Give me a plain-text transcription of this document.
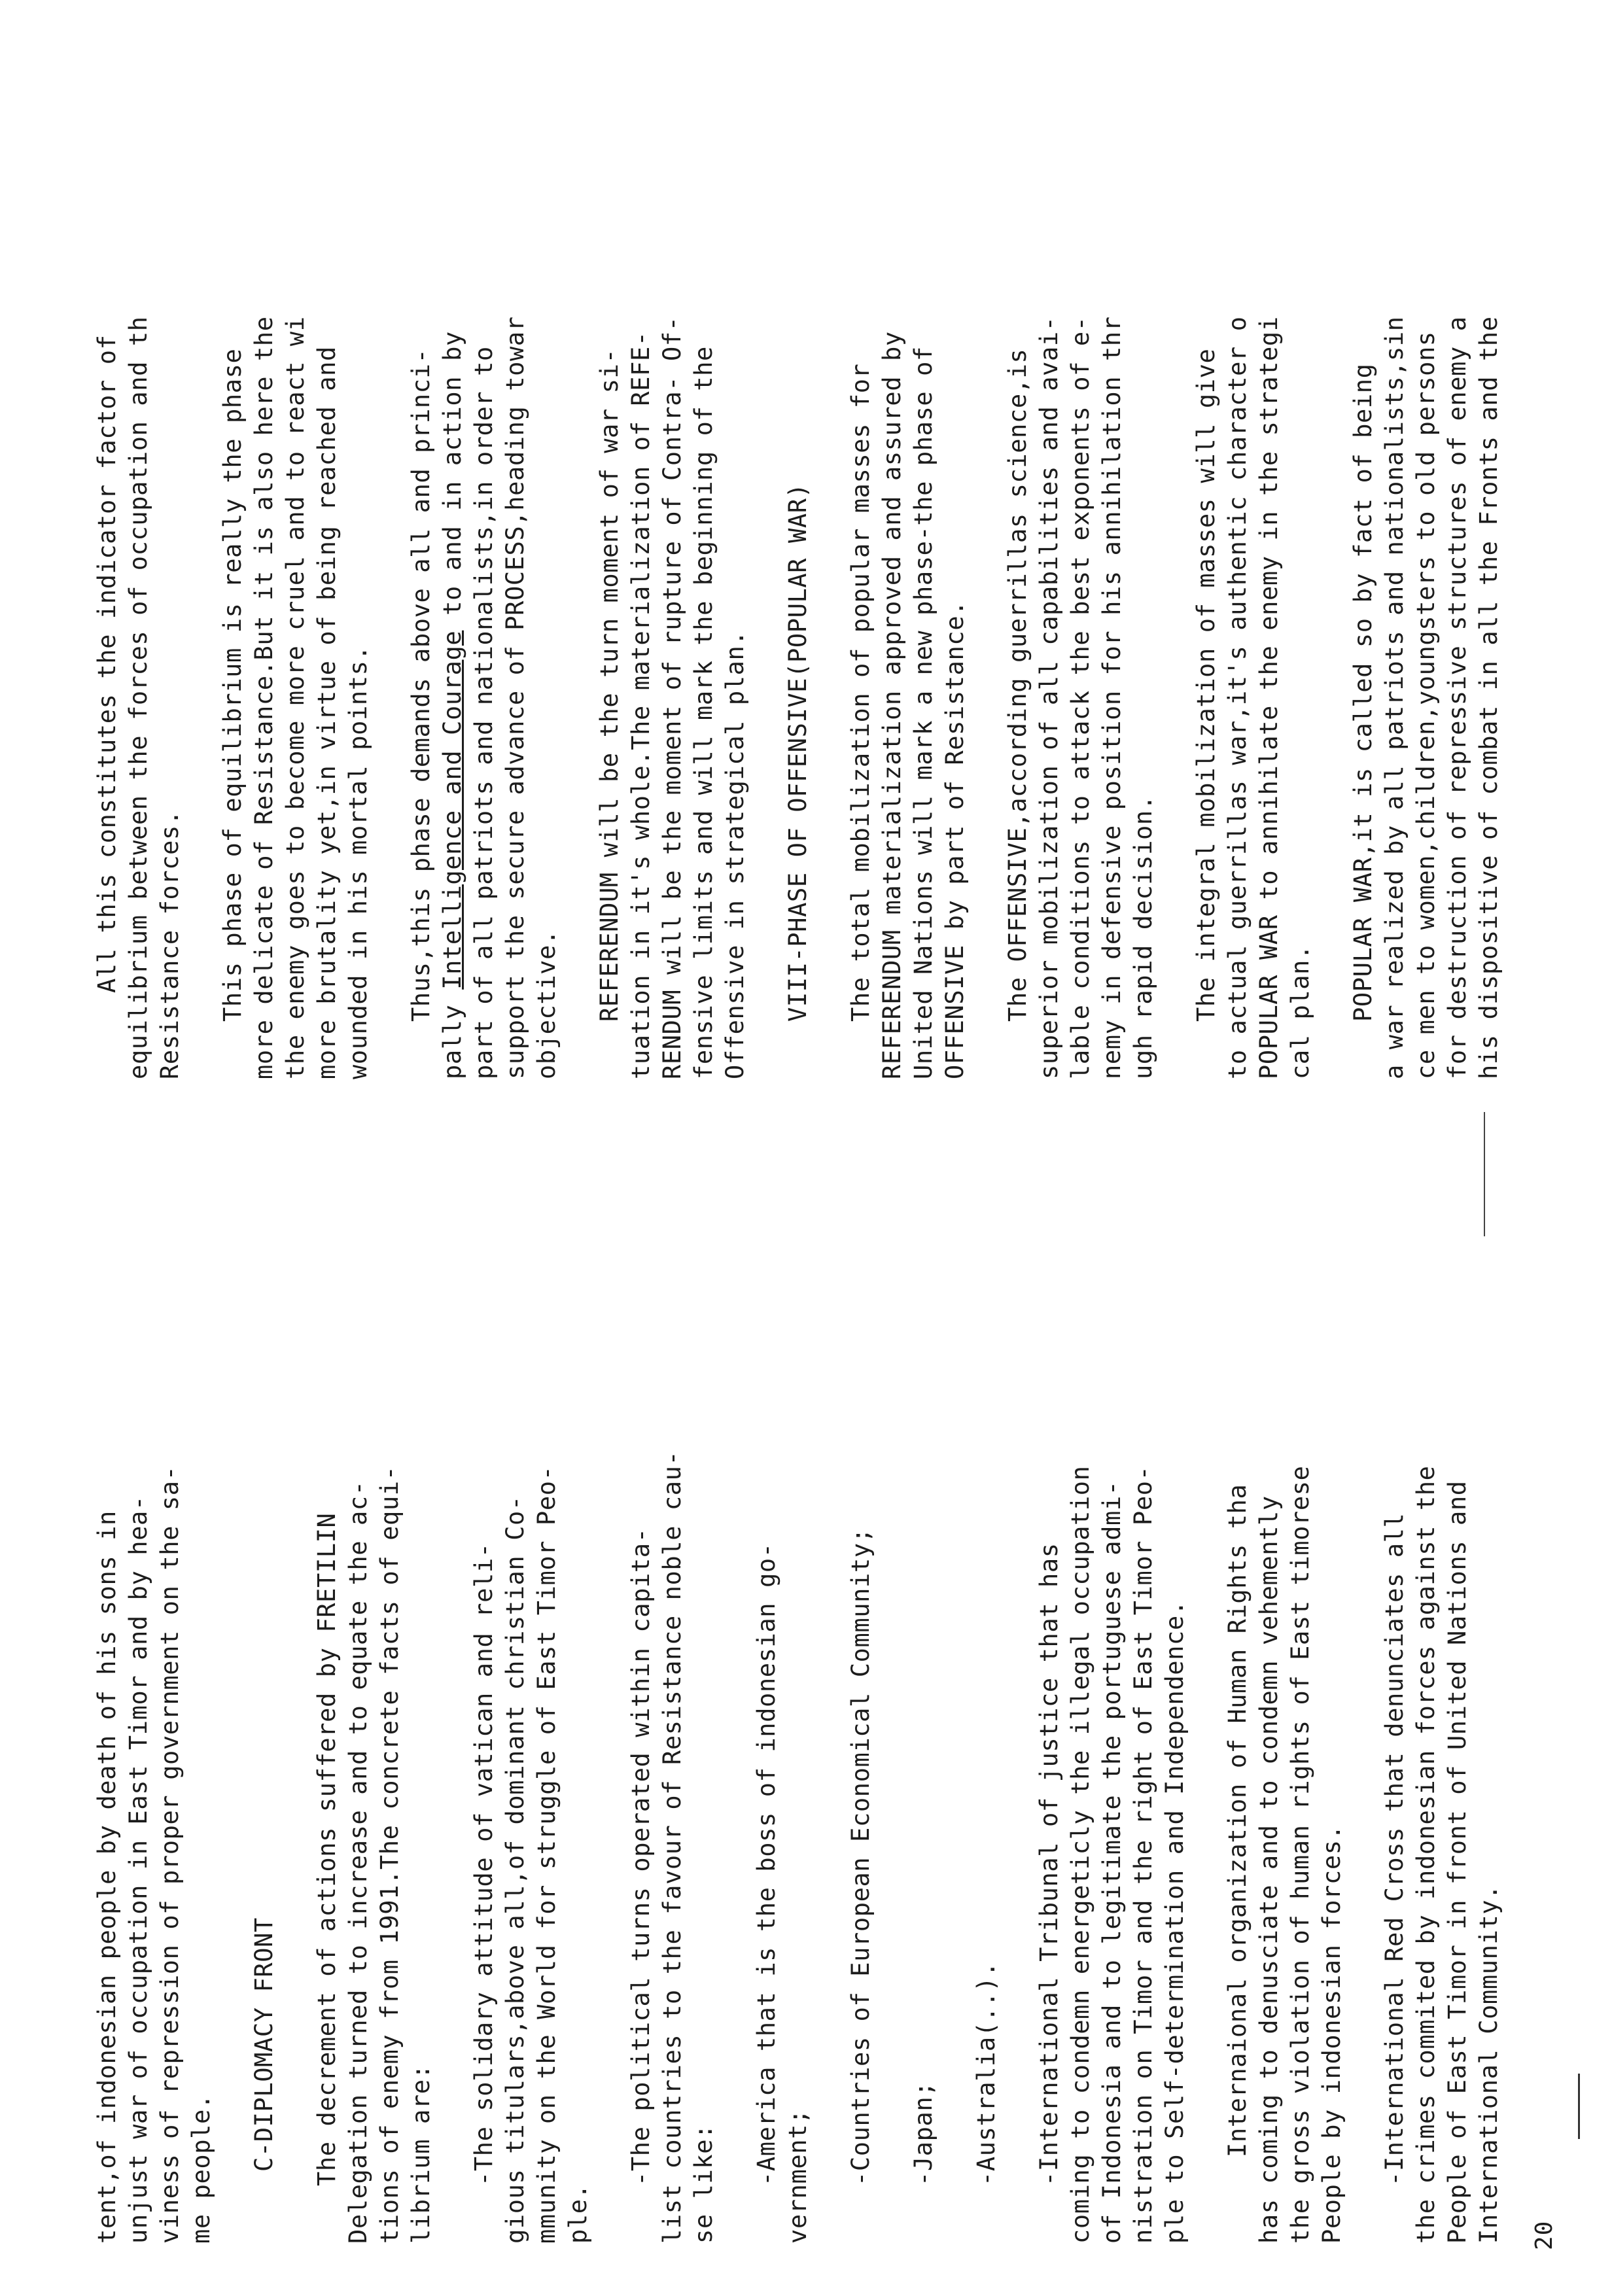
20
tent,of indonesian people by death of his sons in unjust war of occupation in East Timor and by hea- viness of repression of proper government on the sa- me people. C-DIPLOMACY FRONT The decrement of actions suffered by FRETILIN Delegation turned to increase and to equate the ac- tions of enemy from 1991.The concrete facts of equi- librium are: -The solidary attitude of vatican and reli- gious titulars,above all,of dominant christian Co- mmunity on the World for struggle of East Timor Peo- ple.
-The political turns operated within capita- list countries to the favour of Resistance noble cau- se like: -America that is the boss of indonesian go- vernment; -Countries of European Economical Community; -Japan; -Australia(..). -International Tribunal of justice that has coming to condemn energeticly the illegal occupation of Indonesia and to legitimate the portuguese admi- nistration on Timor and the right of East Timor Peo- ple to Self-determination and Independence. Internaional organization of Human Rights tha has coming to denusciate and to condemn vehemently the gross violation of human rights of East timorese People by indonesian forces. -International Red Cross that denunciates all the crimes commited by indonesian forces against the People of East Timor in front of United Nations and International Community.
All this constitutes the indicator factor of equilibrium between the forces of occupation and th Resistance forces. This phase of equilibrium is really the phase more delicate of Resistance.But it is also here the the enemy goes to become more cruel and to react wi more brutality yet,in virtue of being reached and wounded in his mortal points. Thus,this phase demands above all and princi-
pally Intelligence and Courage to and in action by part of all patriots and nationalists,in order to support the secure advance of PROCESS,heading towar objective. REFERENDUM will be the turn moment of war si- tuation in it's whole.The materialization of REFE- RENDUM will be the moment of rupture of Contra- Of- fensive limits and will mark the beginning of the Offensive in strategical plan. VIII-PHASE OF OFFENSIVE(POPULAR WAR) The total mobilization of popular masses for REFERENDUM materialization approved and assured by United Nations will mark a new phase-the phase of OFFENSIVE by part of Resistance. The OFFENSIVE,according guerrillas science,is superior mobilization of all capabilities and avai- lable conditions to attack the best exponents of e- nemy in defensive position for his annihilation thr ugh rapid decision. The integral mobilization of masses will give to actual guerrillas war,it's authentic character o POPULAR WAR to annihilate the enemy in the strategi cal plan. POPULAR WAR,it is called so by fact of being a war realized by all patriots and nationalists,sin ce men to women,children,youngsters to old persons for destruction of repressive structures of enemy a his dispositive of combat in all the Fronts and the
